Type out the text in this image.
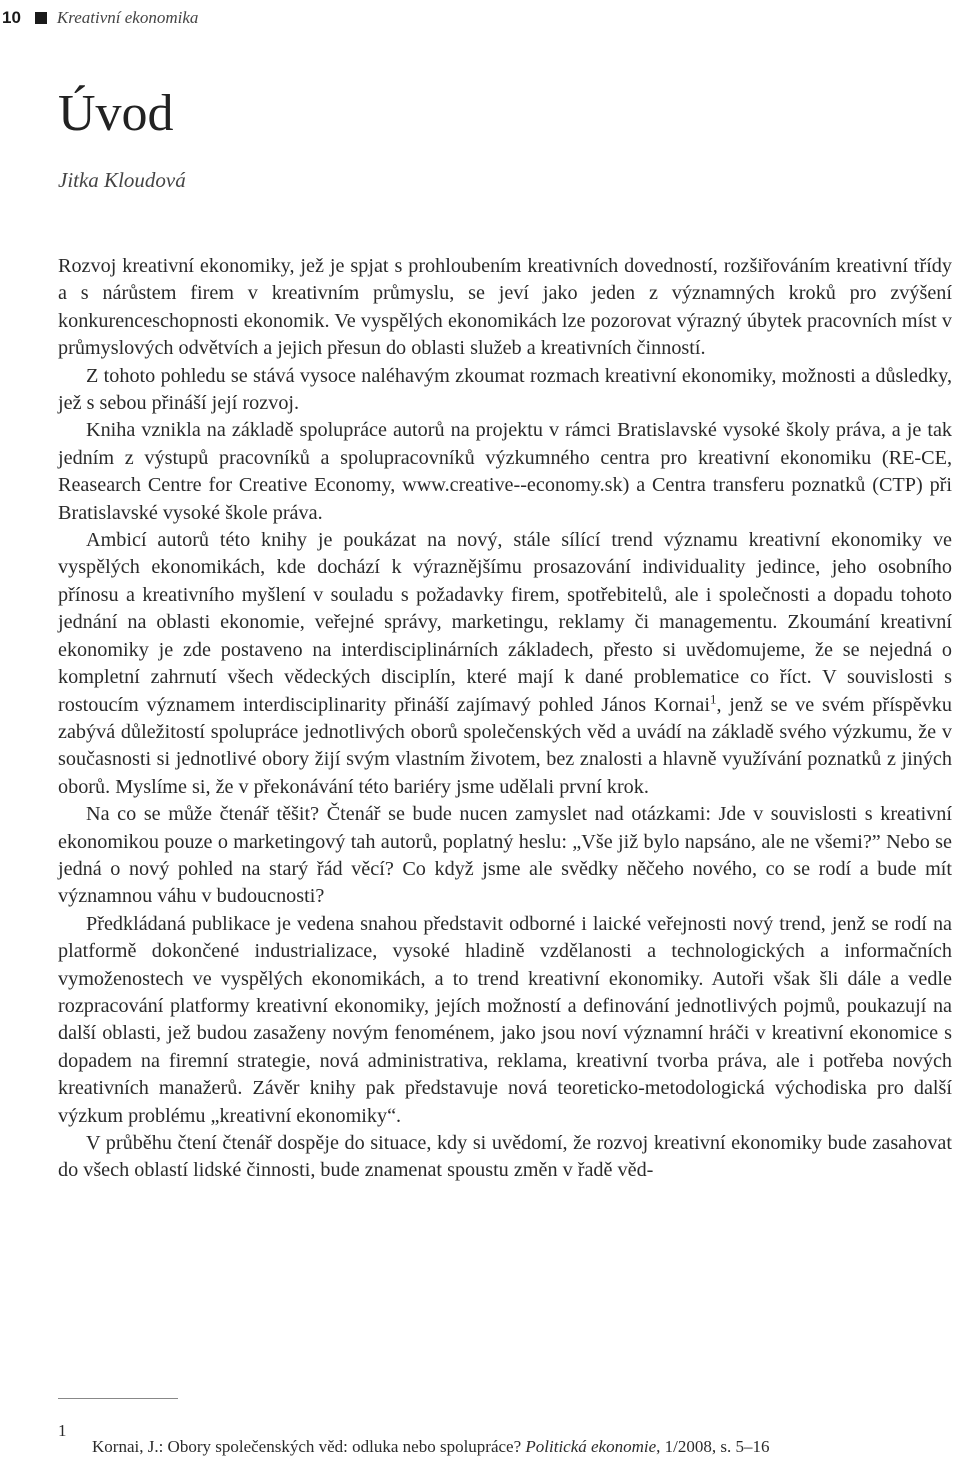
10 Kreativní ekonomika
Úvod
Jitka Kloudová

Rozvoj kreativní ekonomiky, jež je spjat s prohloubením kreativních dovedností, rozšiřováním kreativní třídy a s nárůstem firem v kreativním průmyslu, se jeví jako jeden z významných kroků pro zvýšení konkurenceschopnosti ekonomik. Ve vyspělých ekonomikách lze pozorovat výrazný úbytek pracovních míst v průmyslových odvětvích a jejich přesun do oblasti služeb a kreativních činností.

Z tohoto pohledu se stává vysoce naléhavým zkoumat rozmach kreativní ekonomiky, možnosti a důsledky, jež s sebou přináší její rozvoj.

Kniha vznikla na základě spolupráce autorů na projektu v rámci Bratislavské vysoké školy práva, a je tak jedním z výstupů pracovníků a spolupracovníků výzkumného centra pro kreativní ekonomiku (RE-CE, Reasearch Centre for Creative Economy, www.creative--economy.sk) a Centra transferu poznatků (CTP) při Bratislavské vysoké škole práva.

Ambicí autorů této knihy je poukázat na nový, stále sílící trend významu kreativní ekonomiky ve vyspělých ekonomikách, kde dochází k výraznějšímu prosazování individuality jedince, jeho osobního přínosu a kreativního myšlení v souladu s požadavky firem, spotřebitelů, ale i společnosti a dopadu tohoto jednání na oblasti ekonomie, veřejné správy, marketingu, reklamy či managementu. Zkoumání kreativní ekonomiky je zde postaveno na interdisciplinárních základech, přesto si uvědomujeme, že se nejedná o kompletní zahrnutí všech vědeckých disciplín, které mají k dané problematice co říct. V souvislosti s rostoucím významem interdisciplinarity přináší zajímavý pohled János Kornai$^1$, jenž se ve svém příspěvku zabývá důležitostí spolupráce jednotlivých oborů společenských věd a uvádí na základě svého výzkumu, že v současnosti si jednotlivé obory žijí svým vlastním životem, bez znalosti a hlavně využívání poznatků z jiných oborů. Myslíme si, že v překonávání této bariéry jsme udělali první krok.

Na co se může čtenář těšit? Čtenář se bude nucen zamyslet nad otázkami: Jde v souvislosti s kreativní ekonomikou pouze o marketingový tah autorů, poplatný heslu: „Vše již bylo napsáno, ale ne všemi?” Nebo se jedná o nový pohled na starý řád věcí? Co když jsme ale svědky něčeho nového, co se rodí a bude mít významnou váhu v budoucnosti?

Předkládaná publikace je vedena snahou představit odborné i laické veřejnosti nový trend, jenž se rodí na platformě dokončené industrializace, vysoké hladině vzdělanosti a technologických a informačních vymoženostech ve vyspělých ekonomikách, a to trend kreativní ekonomiky. Autoři však šli dále a vedle rozpracování platformy kreativní ekonomiky, jejích možností a definování jednotlivých pojmů, poukazují na další oblasti, jež budou zasaženy novým fenoménem, jako jsou noví významní hráči v kreativní ekonomice s dopadem na firemní strategie, nová administrativa, reklama, kreativní tvorba práva, ale i potřeba nových kreativních manažerů. Závěr knihy pak představuje nová teoreticko-metodologická východiska pro další výzkum problému „kreativní ekonomiky“.

V průběhu čtení čtenář dospěje do situace, kdy si uvědomí, že rozvoj kreativní ekonomiky bude zasahovat do všech oblastí lidské činnosti, bude znamenat spoustu změn v řadě věd-

1
Kornai, J.: Obory společenských věd: odluka nebo spolupráce? Politická ekonomie, 1/2008, s. 5–16
